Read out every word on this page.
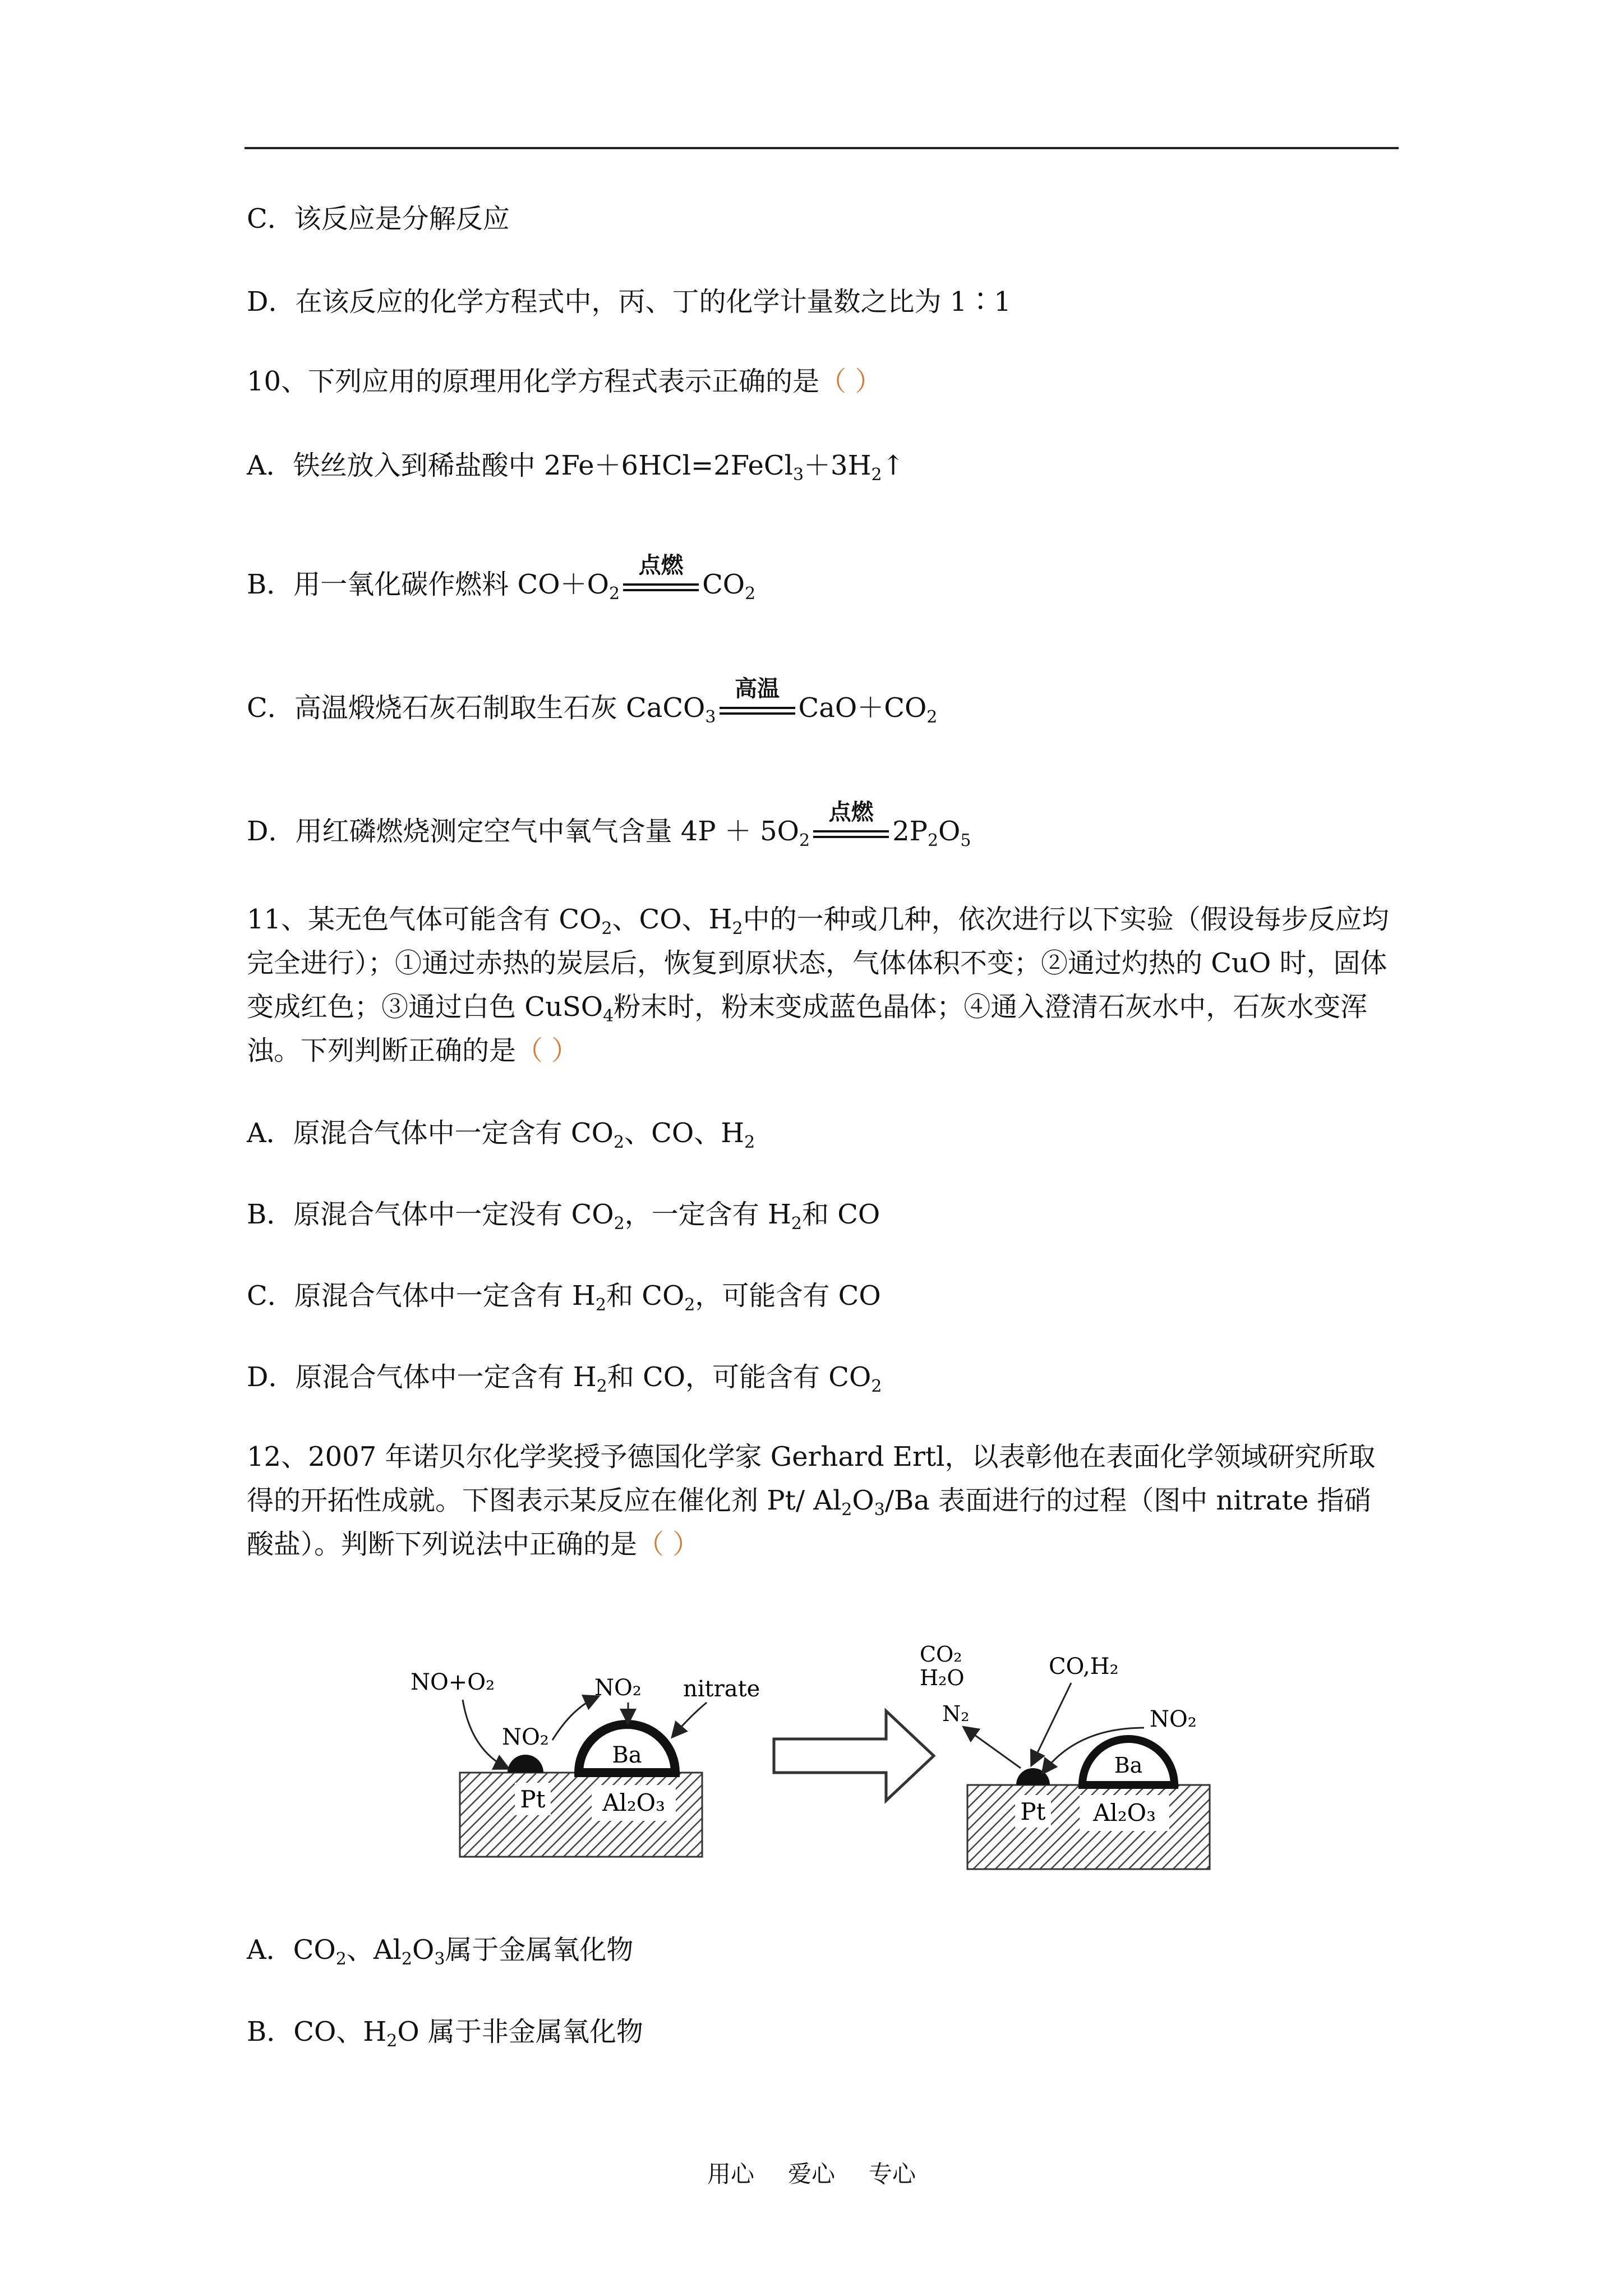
C．该反应是分解反应
D．在该反应的化学方程式中，丙、丁的化学计量数之比为 1∶1
10、下列应用的原理用化学方程式表示正确的是（ ）
A．铁丝放入到稀盐酸中 $2Fe+6HCl=2FeCl_3+3H_2↑$
B．用一氧化碳作燃料 $CO+O_2$
点燃
$CO_2$
C．高温煅烧石灰石制取生石灰 CaCO$_3$
高温
$CaO+CO_2$
D．用红磷燃烧测定空气中氧气含量 $4P + 5O_2$
点燃
$2P_2O_5$
11、某无色气体可能含有 $CO_2$、CO、$H_2$中的一种或几种，依次进行以下实验（假设每步反应均完全进行）；①通过赤热的炭层后，恢复到原状态，气体体积不变；②通过灼热的 CuO 时，固体变成红色；③通过白色 CuSO$_4$粉末时，粉末变成蓝色晶体；④通入澄清石灰水中，石灰水变浑浊。下列判断正确的是（ ）
A．原混合气体中一定含有 $CO_2$、CO、$H_2$
B．原混合气体中一定没有 $CO_2$，一定含有 $H_2$和 CO
C．原混合气体中一定含有 $H_2$和 $CO_2$，可能含有 CO
D．原混合气体中一定含有 $H_2$和 CO，可能含有 $CO_2$
12、2007 年诺贝尔化学奖授予德国化学家 Gerhard Ertl，以表彰他在表面化学领域研究所取得的开拓性成就。下图表示某反应在催化剂 Pt/ $Al_2O_3/Ba$ 表面进行的过程（图中 nitrate 指硝酸盐）。判断下列说法中正确的是（ ）
Pt Al₂O₃
Ba
NO+O₂
NO₂
NO₂ nitrate
Pt Al₂O₃
Ba
CO₂
H₂O
N₂
CO,H₂
NO₂
A．$CO_2$、$Al_2O_3$属于金属氧化物
B．CO、$H_2O$ 属于非金属氧化物
用心 爱心 专心
